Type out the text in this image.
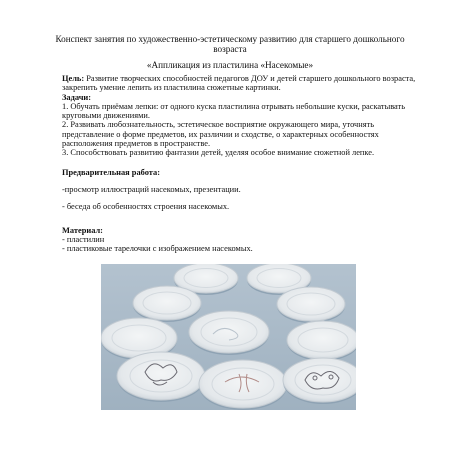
Конспект занятия по художественно-эстетическому развитию для старшего дошкольного возраста
«Аппликация из пластилина «Насекомые»

Цель: Развитие творческих способностей педагогов ДОУ и детей старшего дошкольного возраста, закрепить умение лепить из пластилина сюжетные картинки.

Задачи:

1. Обучать приёмам лепки: от одного куска пластилина отрывать небольшие куски, раскатывать круговыми движениями.

2. Развивать любознательность, эстетическое восприятие окружающего мира, уточнять представление о форме предметов, их различии и сходстве, о характерных особенностях расположения предметов в пространстве.

3. Способствовать развитию фантазии детей, уделяя особое внимание сюжетной лепке.

Предварительная работа:

-просмотр иллюстраций насекомых, презентации.

- беседа об особенностях строения насекомых.

Материал:

- пластилин

- пластиковые тарелочки с изображением насекомых.
